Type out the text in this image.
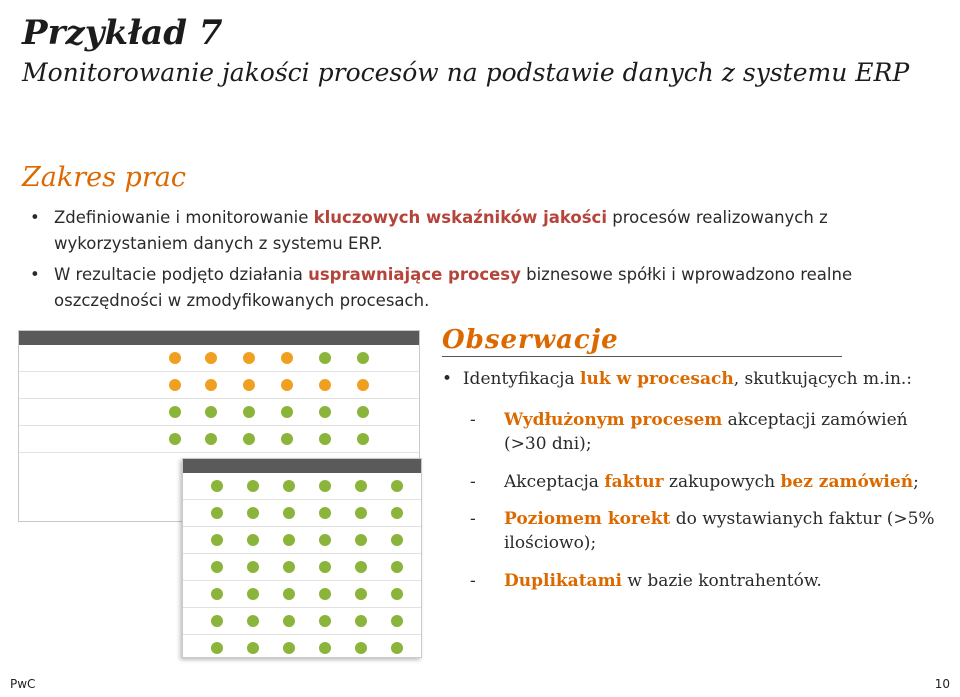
Przykład 7
Monitorowanie jakości procesów na podstawie danych z systemu ERP
Zakres prac
• Zdefiniowanie i monitorowanie kluczowych wskaźników jakości procesów realizowanych z wykorzystaniem danych z systemu ERP.
• W rezultacie podjęto działania usprawniające procesy biznesowe spółki i wprowadzono realne oszczędności w zmodyfikowanych procesach.
Obserwacje
•  Identyfikacja luk w procesach, skutkujących m.in.:
-	Wydłużonym procesem akceptacji zamówień (>30 dni);
-	Akceptacja faktur zakupowych bez zamówień;
-	Poziomem korekt do wystawianych faktur (>5% ilościowo);
-	Duplikatami w bazie kontrahentów.
PwC	10
